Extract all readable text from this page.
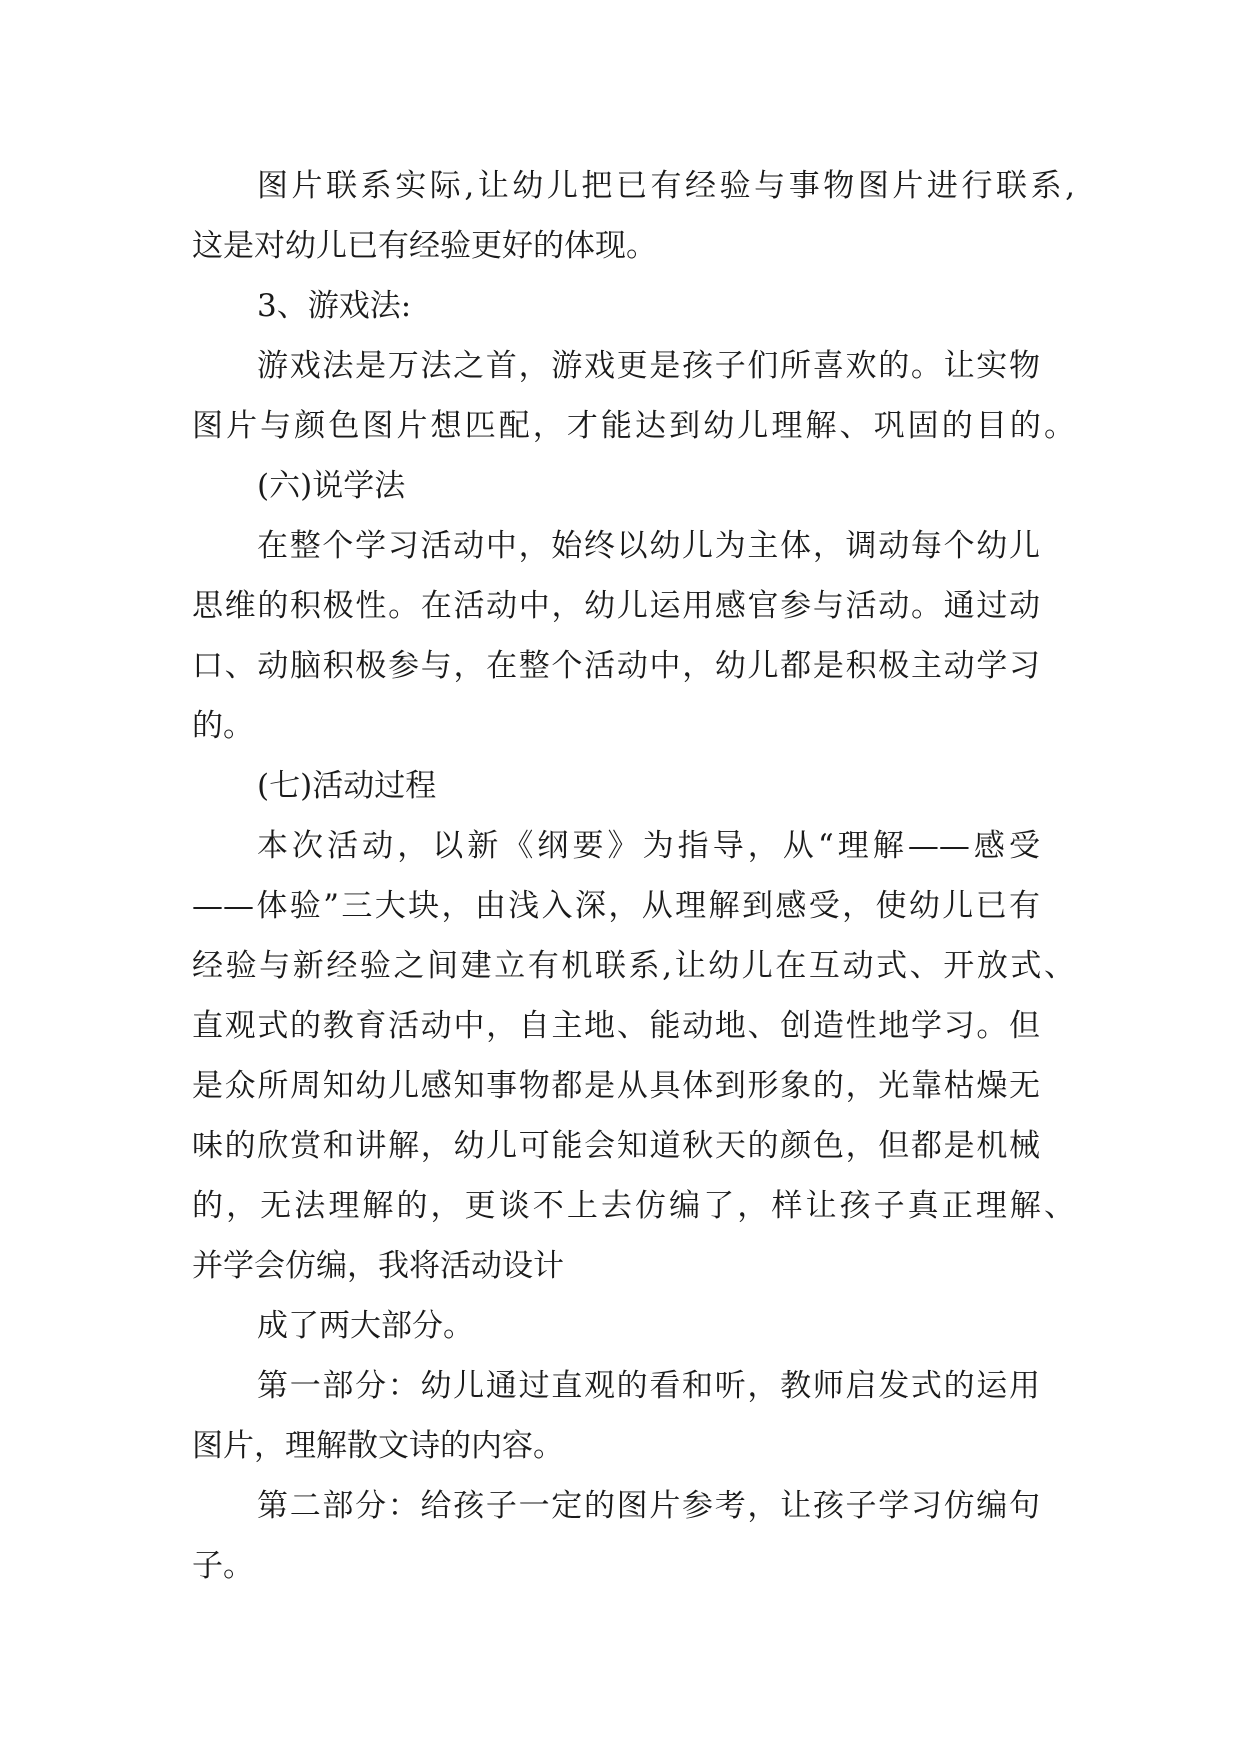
图片联系实际,让幼儿把已有经验与事物图片进行联系,

这是对幼儿已有经验更好的体现。

3、游戏法:

游戏法是万法之首，游戏更是孩子们所喜欢的。让实物

图片与颜色图片想匹配，才能达到幼儿理解、巩固的目的。

(六)说学法

在整个学习活动中，始终以幼儿为主体，调动每个幼儿

思维的积极性。在活动中，幼儿运用感官参与活动。通过动

口、动脑积极参与，在整个活动中，幼儿都是积极主动学习

的。

(七)活动过程

本次活动，以新《纲要》为指导，从“理解——感受

——体验”三大块，由浅入深，从理解到感受，使幼儿已有

经验与新经验之间建立有机联系,让幼儿在互动式、开放式、

直观式的教育活动中，自主地、能动地、创造性地学习。但

是众所周知幼儿感知事物都是从具体到形象的，光靠枯燥无

味的欣赏和讲解，幼儿可能会知道秋天的颜色，但都是机械

的，无法理解的，更谈不上去仿编了，样让孩子真正理解、

并学会仿编，我将活动设计

成了两大部分。

第一部分：幼儿通过直观的看和听，教师启发式的运用

图片，理解散文诗的内容。

第二部分：给孩子一定的图片参考，让孩子学习仿编句

子。
